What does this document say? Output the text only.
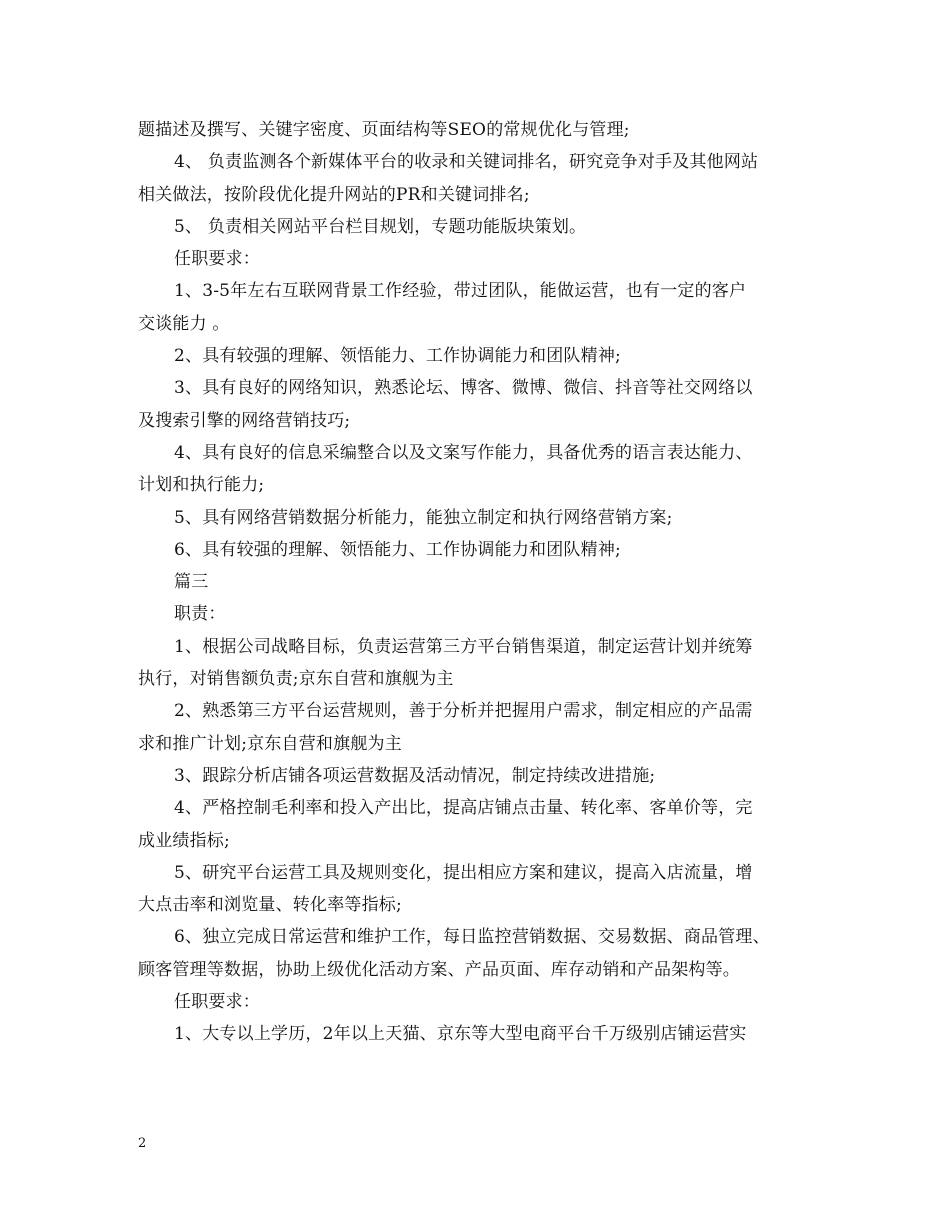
题描述及撰写、关键字密度、页面结构等SEO的常规优化与管理;
4、 负责监测各个新媒体平台的收录和关键词排名，研究竞争对手及其他网站
相关做法，按阶段优化提升网站的PR和关键词排名;
5、 负责相关网站平台栏目规划，专题功能版块策划。
任职要求：
1、3-5年左右互联网背景工作经验，带过团队，能做运营，也有一定的客户
交谈能力 。
2、具有较强的理解、领悟能力、工作协调能力和团队精神;
3、具有良好的网络知识，熟悉论坛、博客、微博、微信、抖音等社交网络以
及搜索引擎的网络营销技巧;
4、具有良好的信息采编整合以及文案写作能力，具备优秀的语言表达能力、
计划和执行能力;
5、具有网络营销数据分析能力，能独立制定和执行网络营销方案;
6、具有较强的理解、领悟能力、工作协调能力和团队精神;
篇三
职责：
1、根据公司战略目标，负责运营第三方平台销售渠道，制定运营计划并统筹
执行，对销售额负责;京东自营和旗舰为主
2、熟悉第三方平台运营规则，善于分析并把握用户需求，制定相应的产品需
求和推广计划;京东自营和旗舰为主
3、跟踪分析店铺各项运营数据及活动情况，制定持续改进措施;
4、严格控制毛利率和投入产出比，提高店铺点击量、转化率、客单价等，完
成业绩指标;
5、研究平台运营工具及规则变化，提出相应方案和建议，提高入店流量，增
大点击率和浏览量、转化率等指标;
6、独立完成日常运营和维护工作，每日监控营销数据、交易数据、商品管理、
顾客管理等数据，协助上级优化活动方案、产品页面、库存动销和产品架构等。
任职要求：
1、大专以上学历，2年以上天猫、京东等大型电商平台千万级别店铺运营实
2
